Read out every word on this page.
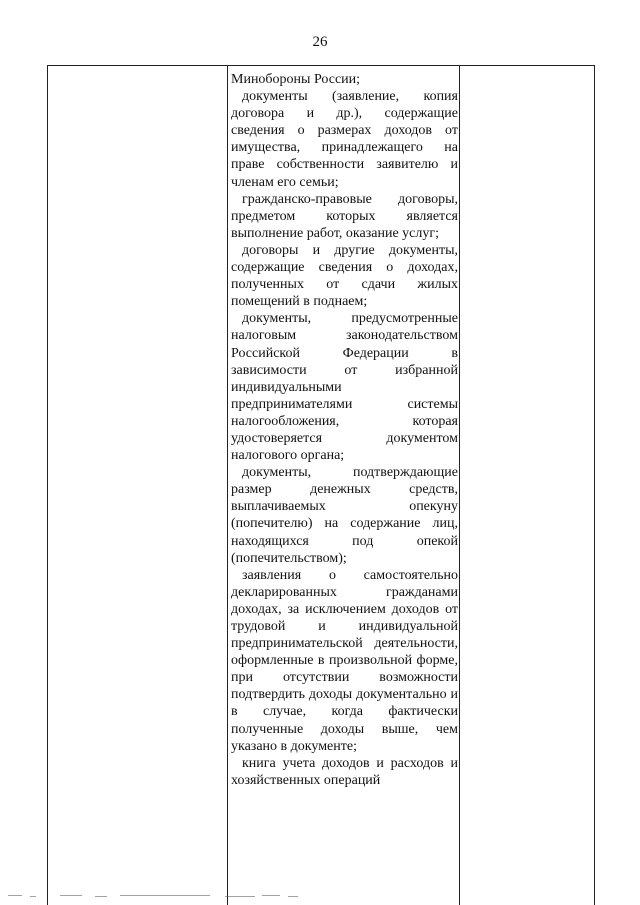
26

Минобороны России;

документы (заявление, копия договора и др.), содержащие сведения о размерах доходов от имущества, принадлежащего на праве собственности заявителю и членам его семьи;

гражданско-правовые договоры, предметом которых является выполнение работ, оказание услуг;

договоры и другие документы, содержащие сведения о доходах, полученных от сдачи жилых помещений в поднаем;

документы, предусмотренные налоговым законодательством Российской Федерации в зависимости от избранной индивидуальными предпринимателями системы налогообложения, которая удостоверяется документом налогового органа;

документы, подтверждающие размер денежных средств, выплачиваемых опекуну (попечителю) на содержание лиц, находящихся под опекой (попечительством);

заявления о самостоятельно декларированных гражданами доходах, за исключением доходов от трудовой и индивидуальной предпринимательской деятельности, оформленные в произвольной форме, при отсутствии возможности подтвердить доходы документально и в случае, когда фактически полученные доходы выше, чем указано в документе;

книга учета доходов и расходов и хозяйственных операций
